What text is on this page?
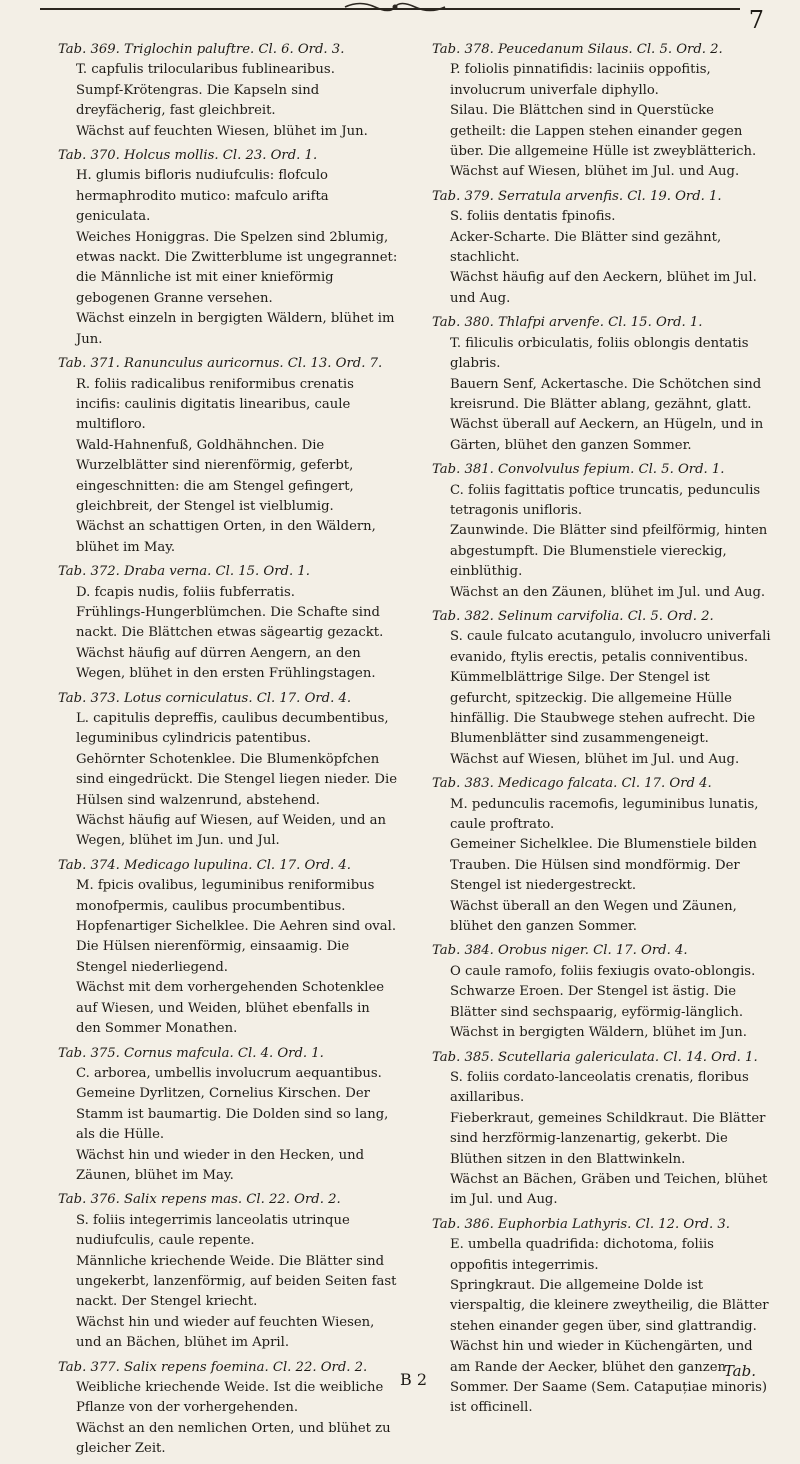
7
Tab. 369. Triglochin paluftre. Cl. 6. Ord. 3.
T. capfulis trilocularibus fublinearibus.
Sumpf-Krötengras. Die Kapseln sind dreyfächerig, fast gleichbreit.
Wächst auf feuchten Wiesen, blühet im Jun.
Tab. 370. Holcus mollis. Cl. 23. Ord. 1.
H. glumis bifloris nudiufculis: flofculo hermaphrodito mutico: mafculo arifta geniculata.
Weiches Honiggras. Die Spelzen sind 2blumig, etwas nackt. Die Zwitterblume ist ungegrannet: die Männliche ist mit einer knieförmig gebogenen Granne versehen.
Wächst einzeln in bergigten Wäldern, blühet im Jun.
Tab. 371. Ranunculus auricornus. Cl. 13. Ord. 7.
R. foliis radicalibus reniformibus crenatis incifis: caulinis digitatis linearibus, caule multifloro.
Wald-Hahnenfuß, Goldhähnchen. Die Wurzelblätter sind nierenförmig, geferbt, eingeschnitten: die am Stengel gefingert, gleichbreit, der Stengel ist vielblumig.
Wächst an schattigen Orten, in den Wäldern, blühet im May.
Tab. 372. Draba verna. Cl. 15. Ord. 1.
D. fcapis nudis, foliis fubferratis.
Frühlings-Hungerblümchen. Die Schafte sind nackt. Die Blättchen etwas sägeartig gezackt.
Wächst häufig auf dürren Aengern, an den Wegen, blühet in den ersten Frühlingstagen.
Tab. 373. Lotus corniculatus. Cl. 17. Ord. 4.
L. capitulis depreffis, caulibus decumbentibus, leguminibus cylindricis patentibus.
Gehörnter Schotenklee. Die Blumenköpfchen sind eingedrückt. Die Stengel liegen nieder. Die Hülsen sind walzenrund, abstehend.
Wächst häufig auf Wiesen, auf Weiden, und an Wegen, blühet im Jun. und Jul.
Tab. 374. Medicago lupulina. Cl. 17. Ord. 4.
M. fpicis ovalibus, leguminibus reniformibus monofpermis, caulibus procumbentibus.
Hopfenartiger Sichelklee. Die Aehren sind oval. Die Hülsen nierenförmig, einsaamig. Die Stengel niederliegend.
Wächst mit dem vorhergehenden Schotenklee auf Wiesen, und Weiden, blühet ebenfalls in den Sommer Monathen.
Tab. 375. Cornus mafcula. Cl. 4. Ord. 1.
C. arborea, umbellis involucrum aequantibus.
Gemeine Dyrlitzen, Cornelius Kirschen. Der Stamm ist baumartig. Die Dolden sind so lang, als die Hülle.
Wächst hin und wieder in den Hecken, und Zäunen, blühet im May.
Tab. 376. Salix repens mas. Cl. 22. Ord. 2.
S. foliis integerrimis lanceolatis utrinque nudiufculis, caule repente.
Männliche kriechende Weide. Die Blätter sind ungekerbt, lanzenförmig, auf beiden Seiten fast nackt. Der Stengel kriecht.
Wächst hin und wieder auf feuchten Wiesen, und an Bächen, blühet im April.
Tab. 377. Salix repens foemina. Cl. 22. Ord. 2.
Weibliche kriechende Weide. Ist die weibliche Pflanze von der vorhergehenden.
Wächst an den nemlichen Orten, und blühet zu gleicher Zeit.
Tab. 378. Peucedanum Silaus. Cl. 5. Ord. 2.
P. foliolis pinnatifidis: laciniis oppofitis, involucrum univerfale diphyllo.
Silau. Die Blättchen sind in Querstücke getheilt: die Lappen stehen einander gegen über. Die allgemeine Hülle ist zweyblätterich.
Wächst auf Wiesen, blühet im Jul. und Aug.
Tab. 379. Serratula arvenfis. Cl. 19. Ord. 1.
S. foliis dentatis fpinofis.
Acker-Scharte. Die Blätter sind gezähnt, stachlicht.
Wächst häufig auf den Aeckern, blühet im Jul. und Aug.
Tab. 380. Thlafpi arvenfe. Cl. 15. Ord. 1.
T. filiculis orbiculatis, foliis oblongis dentatis glabris.
Bauern Senf, Ackertasche. Die Schötchen sind kreisrund. Die Blätter ablang, gezähnt, glatt.
Wächst überall auf Aeckern, an Hügeln, und in Gärten, blühet den ganzen Sommer.
Tab. 381. Convolvulus fepium. Cl. 5. Ord. 1.
C. foliis fagittatis poftice truncatis, pedunculis tetragonis unifloris.
Zaunwinde. Die Blätter sind pfeilförmig, hinten abgestumpft. Die Blumenstiele viereckig, einblüthig.
Wächst an den Zäunen, blühet im Jul. und Aug.
Tab. 382. Selinum carvifolia. Cl. 5. Ord. 2.
S. caule fulcato acutangulo, involucro univerfali evanido, ftylis erectis, petalis conniventibus.
Kümmelblättrige Silge. Der Stengel ist gefurcht, spitzeckig. Die allgemeine Hülle hinfällig. Die Staubwege stehen aufrecht. Die Blumenblätter sind zusammengeneigt.
Wächst auf Wiesen, blühet im Jul. und Aug.
Tab. 383. Medicago falcata. Cl. 17. Ord 4.
M. pedunculis racemofis, leguminibus lunatis, caule proftrato.
Gemeiner Sichelklee. Die Blumenstiele bilden Trauben. Die Hülsen sind mondförmig. Der Stengel ist niedergestreckt.
Wächst überall an den Wegen und Zäunen, blühet den ganzen Sommer.
Tab. 384. Orobus niger. Cl. 17. Ord. 4.
O caule ramofo, foliis fexiugis ovato-oblongis.
Schwarze Eroen. Der Stengel ist ästig. Die Blätter sind sechspaarig, eyförmig-länglich.
Wächst in bergigten Wäldern, blühet im Jun.
Tab. 385. Scutellaria galericulata. Cl. 14. Ord. 1.
S. foliis cordato-lanceolatis crenatis, floribus axillaribus.
Fieberkraut, gemeines Schildkraut. Die Blätter sind herzförmig-lanzenartig, gekerbt. Die Blüthen sitzen in den Blattwinkeln.
Wächst an Bächen, Gräben und Teichen, blühet im Jul. und Aug.
Tab. 386. Euphorbia Lathyris. Cl. 12. Ord. 3.
E. umbella quadrifida: dichotoma, foliis oppofitis integerrimis.
Springkraut. Die allgemeine Dolde ist vierspaltig, die kleinere zweytheilig, die Blätter stehen einander gegen über, sind glattrandig.
Wächst hin und wieder in Küchengärten, und am Rande der Aecker, blühet den ganzen Sommer. Der Saame (Sem. Catapuțiae minoris) ist officinell.
B 2	Tab.
